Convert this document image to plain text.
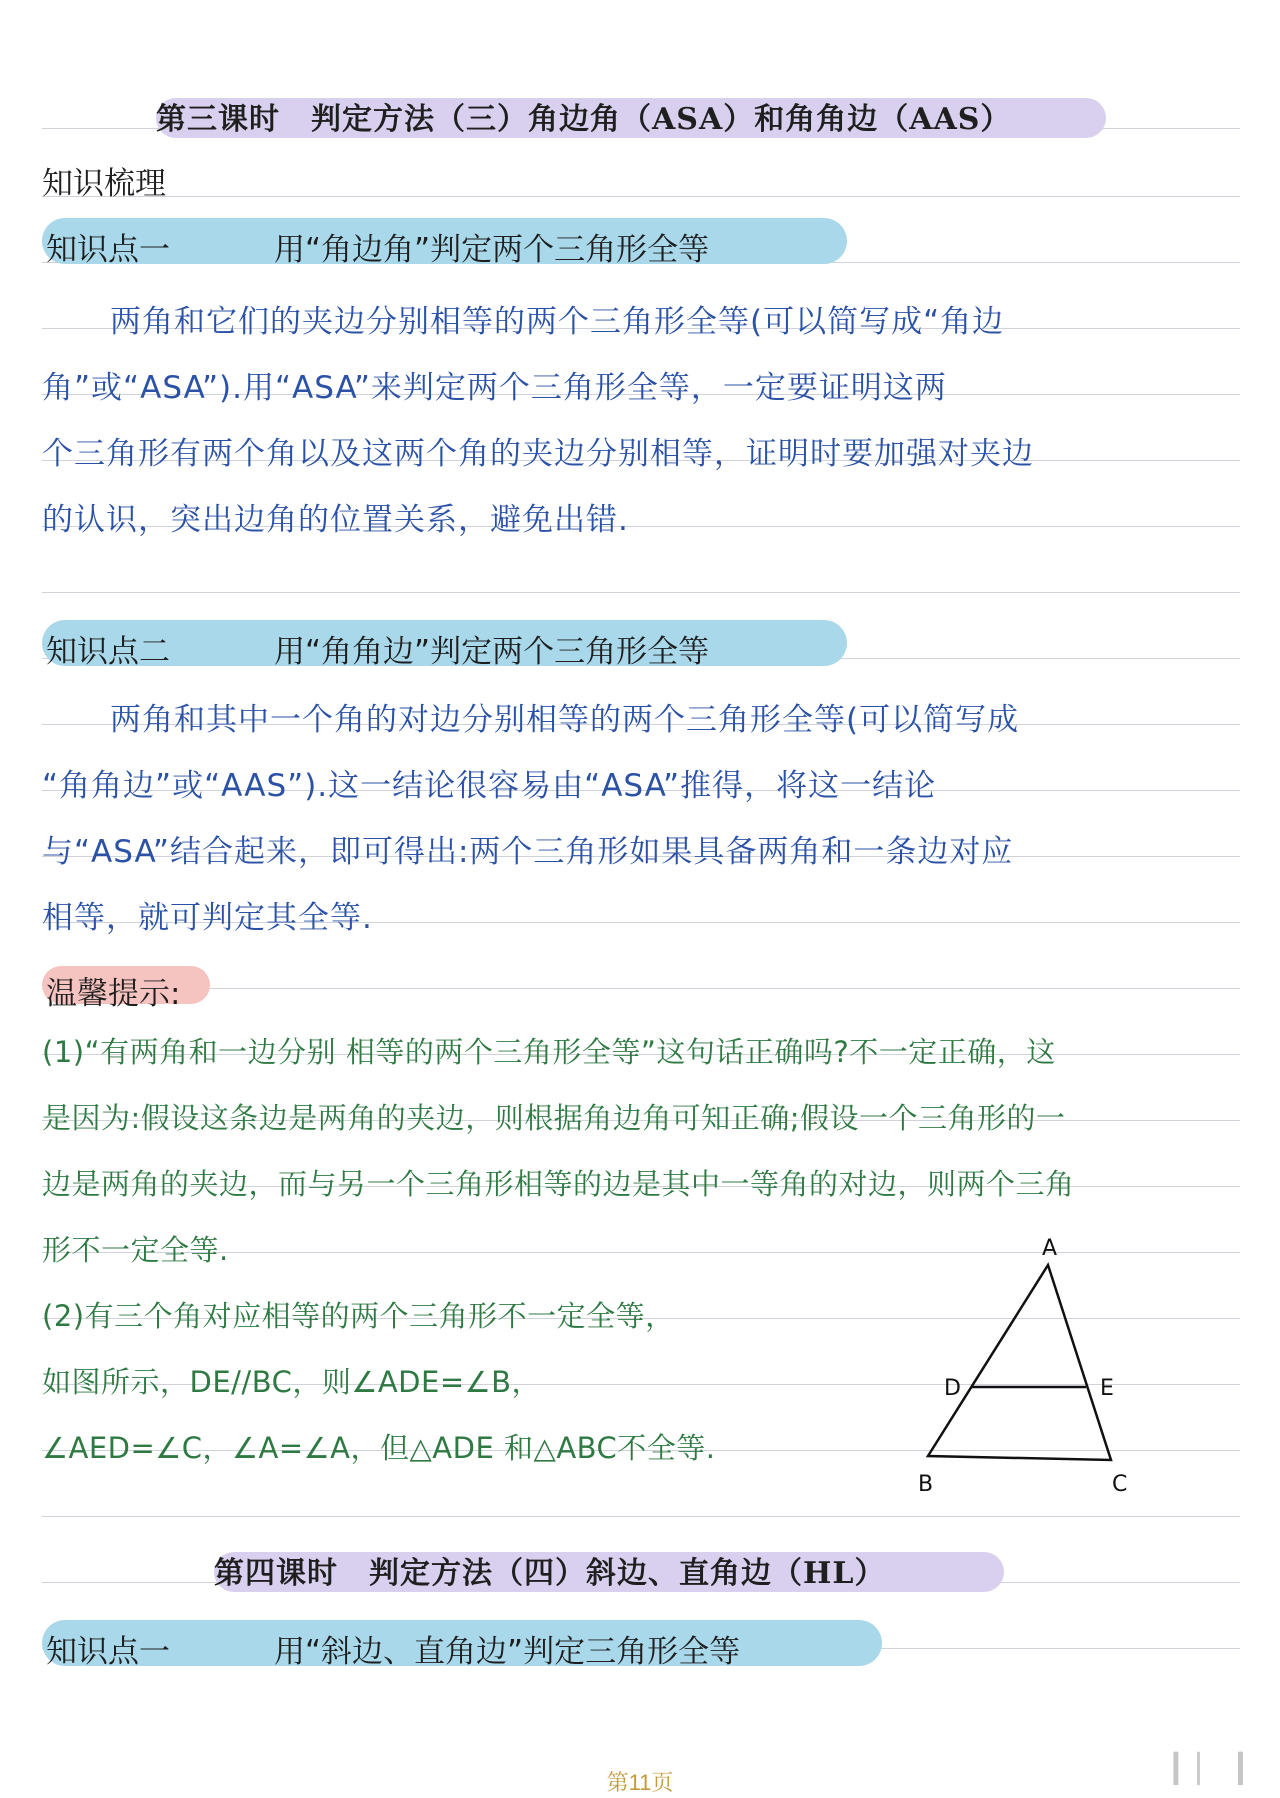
第三课时　判定方法（三）角边角（ASA）和角角边（AAS）
知识梳理
知识点一	用“角边角”判定两个三角形全等
两角和它们的夹边分别相等的两个三角形全等(可以简写成“角边
角”或“ASA”).用“ASA”来判定两个三角形全等，一定要证明这两
个三角形有两个角以及这两个角的夹边分别相等，证明时要加强对夹边
的认识，突出边角的位置关系，避免出错.
知识点二	用“角角边”判定两个三角形全等
两角和其中一个角的对边分别相等的两个三角形全等(可以简写成
“角角边”或“AAS”).这一结论很容易由“ASA”推得，将这一结论
与“ASA”结合起来，即可得出:两个三角形如果具备两角和一条边对应
相等，就可判定其全等.
温馨提示:
(1)“有两角和一边分别 相等的两个三角形全等”这句话正确吗?不一定正确，这
是因为:假设这条边是两角的夹边，则根据角边角可知正确;假设一个三角形的一
边是两角的夹边，而与另一个三角形相等的边是其中一等角的对边，则两个三角
形不一定全等.
(2)有三个角对应相等的两个三角形不一定全等，
如图所示，DE//BC，则∠ADE=∠B，
∠AED=∠C，∠A=∠A，但△ADE 和△ABC不全等.
A
D	E
B	C
第四课时　判定方法（四）斜边、直角边（HL）
知识点一	用“斜边、直角边”判定三角形全等
▕▏▏▕▏
第11页
